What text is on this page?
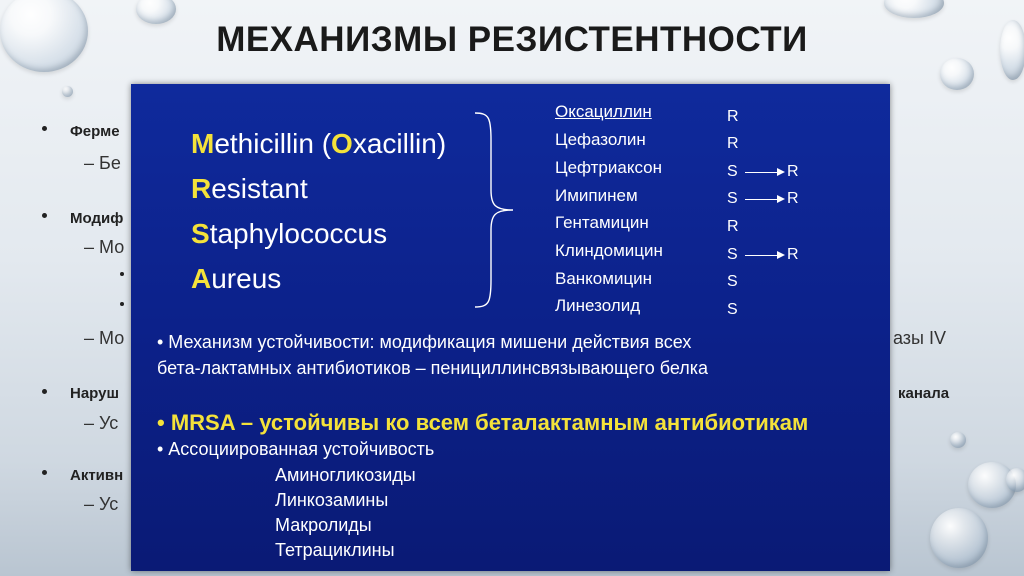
МЕХАНИЗМЫ РЕЗИСТЕНТНОСТИ
Ферме
– Бе
Модиф
– Мо
– Мо	азы IV
Наруш	канала
– Ус
Активн
– Ус
Methicillin (Oxacillin)
Resistant
Staphylococcus
Aureus
Оксациллин
Цефазолин
Цефтриаксон
Имипинем
Гентамицин
Клиндомицин
Ванкомицин
Линезолид
R
R
S
S
R
S
S
S
R
R
R
• Механизм устойчивости: модификация мишени действия всех
бета-лактамных антибиотиков – пенициллинсвязывающего белка
• MRSA – устойчивы ко всем беталактамным антибиотикам
• Ассоциированная устойчивость
Аминогликозиды
Линкозамины
Макролиды
Тетрациклины
